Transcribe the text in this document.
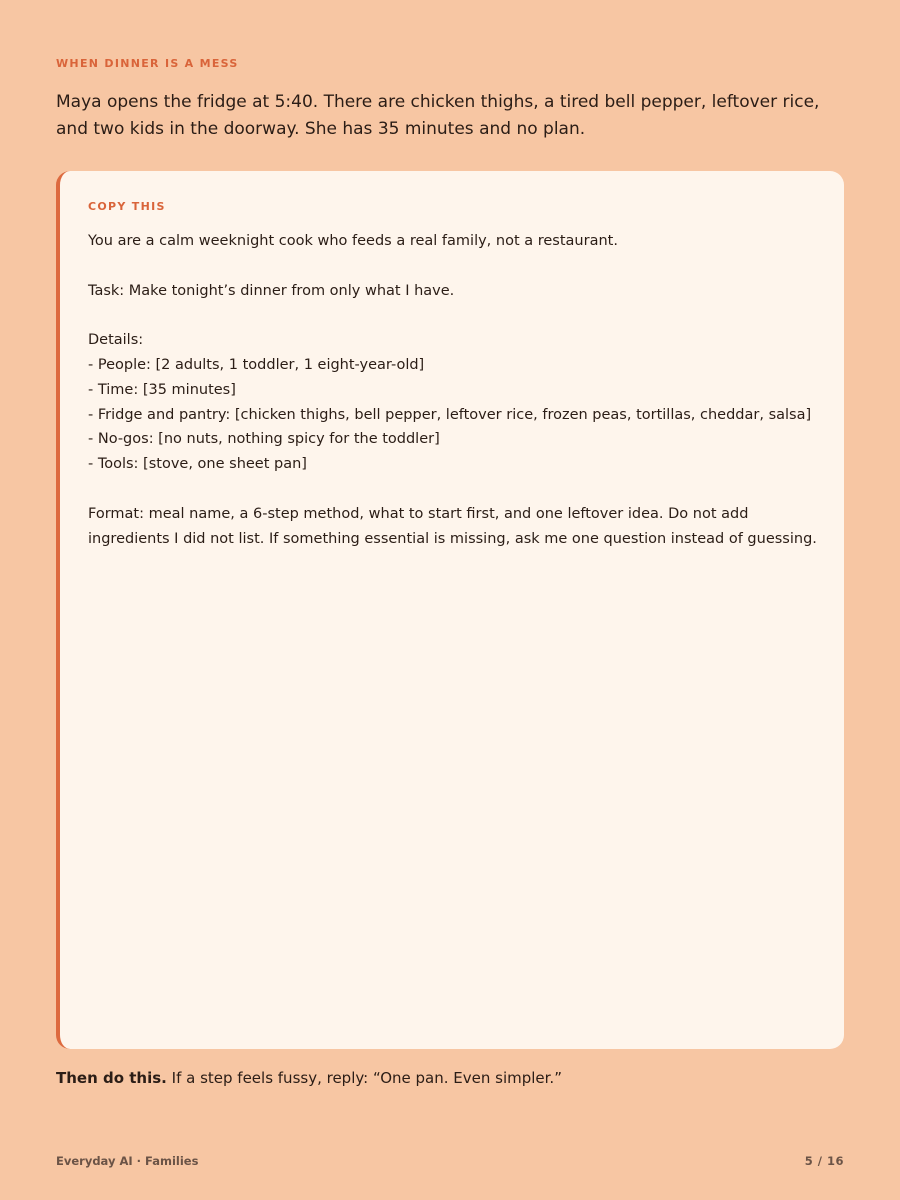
WHEN DINNER IS A MESS

Maya opens the fridge at 5:40. There are chicken thighs, a tired bell pepper, leftover rice, and two kids in the doorway. She has 35 minutes and no plan.

COPY THIS
You are a calm weeknight cook who feeds a real family, not a restaurant.
Task: Make tonight’s dinner from only what I have.
Details:
- People: [2 adults, 1 toddler, 1 eight-year-old]
- Time: [35 minutes]
- Fridge and pantry: [chicken thighs, bell pepper, leftover rice, frozen peas, tortillas, cheddar, salsa]
- No-gos: [no nuts, nothing spicy for the toddler]
- Tools: [stove, one sheet pan]
Format: meal name, a 6-step method, what to start first, and one leftover idea. Do not add ingredients I did not list. If something essential is missing, ask me one question instead of guessing.

Then do this. If a step feels fussy, reply: “One pan. Even simpler.”

Everyday AI · Families	5 / 16
